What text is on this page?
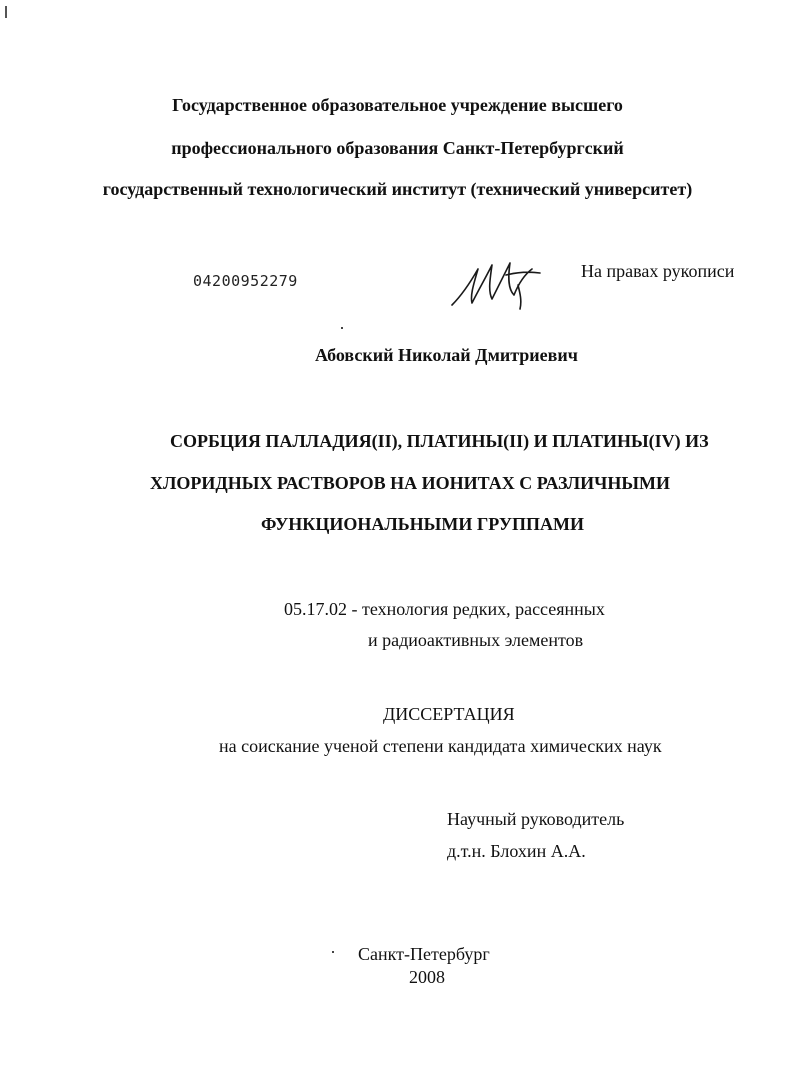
Государственное образовательное учреждение высшего
профессионального образования Санкт-Петербургский
государственный технологический институт (технический университет)
04200952279	На правах рукописи
Абовский Николай Дмитриевич
СОРБЦИЯ ПАЛЛАДИЯ(II), ПЛАТИНЫ(II) И ПЛАТИНЫ(IV) ИЗ
ХЛОРИДНЫХ РАСТВОРОВ НА ИОНИТАХ С РАЗЛИЧНЫМИ
ФУНКЦИОНАЛЬНЫМИ ГРУППАМИ
05.17.02 - технология редких, рассеянных
и радиоактивных элементов
ДИССЕРТАЦИЯ
на соискание ученой степени кандидата химических наук
Научный руководитель
д.т.н. Блохин А.А.
Санкт-Петербург
2008
